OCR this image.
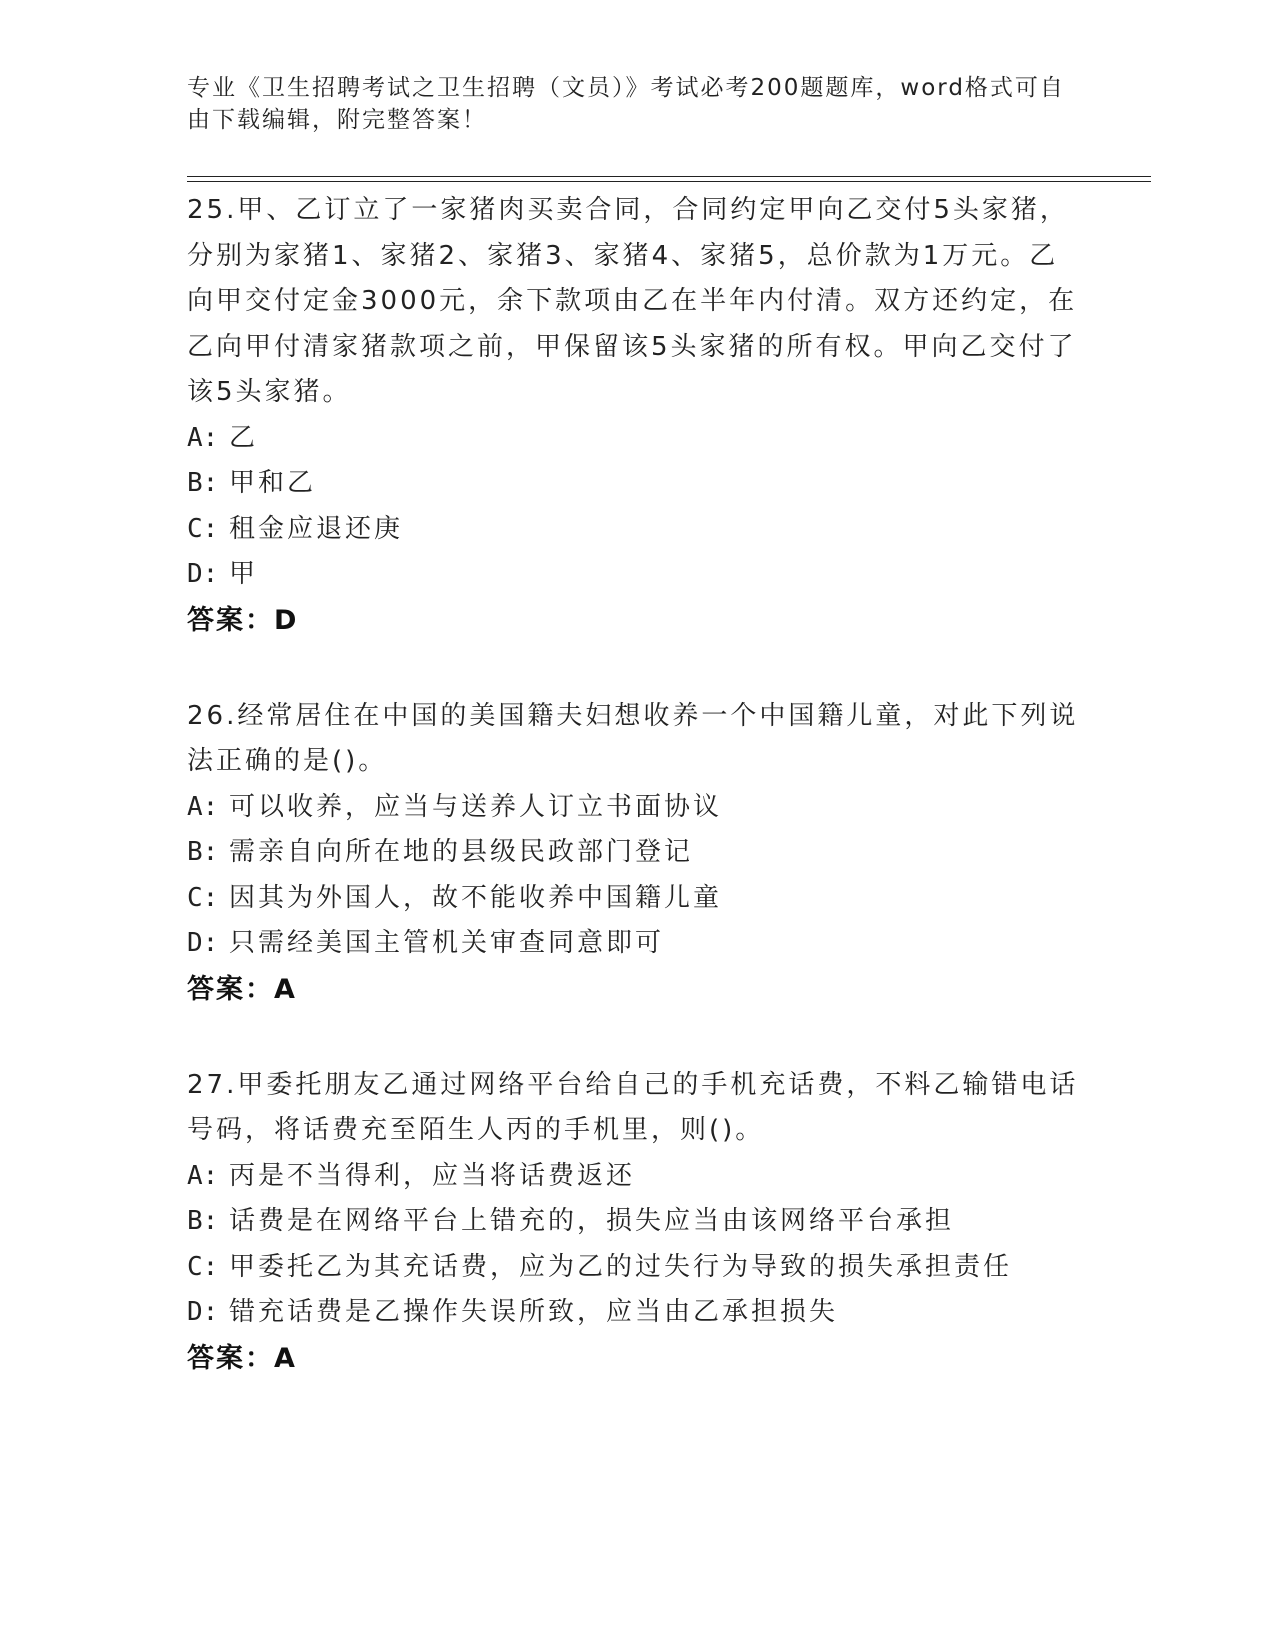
专业《卫生招聘考试之卫生招聘（文员）》考试必考200题题库，word格式可自
由下载编辑，附完整答案！
25.甲、乙订立了一家猪肉买卖合同，合同约定甲向乙交付5头家猪，分别为家猪1、家猪2、家猪3、家猪4、家猪5，总价款为1万元。乙向甲交付定金3000元，余下款项由乙在半年内付清。双方还约定，在乙向甲付清家猪款项之前，甲保留该5头家猪的所有权。甲向乙交付了该5头家猪。
A: 乙
B: 甲和乙
C: 租金应退还庚
D: 甲
答案：D
26.经常居住在中国的美国籍夫妇想收养一个中国籍儿童，对此下列说法正确的是()。
A: 可以收养，应当与送养人订立书面协议
B: 需亲自向所在地的县级民政部门登记
C: 因其为外国人，故不能收养中国籍儿童
D: 只需经美国主管机关审查同意即可
答案：A
27.甲委托朋友乙通过网络平台给自己的手机充话费，不料乙输错电话号码，将话费充至陌生人丙的手机里，则()。
A: 丙是不当得利，应当将话费返还
B: 话费是在网络平台上错充的，损失应当由该网络平台承担
C: 甲委托乙为其充话费，应为乙的过失行为导致的损失承担责任
D: 错充话费是乙操作失误所致，应当由乙承担损失
答案：A
